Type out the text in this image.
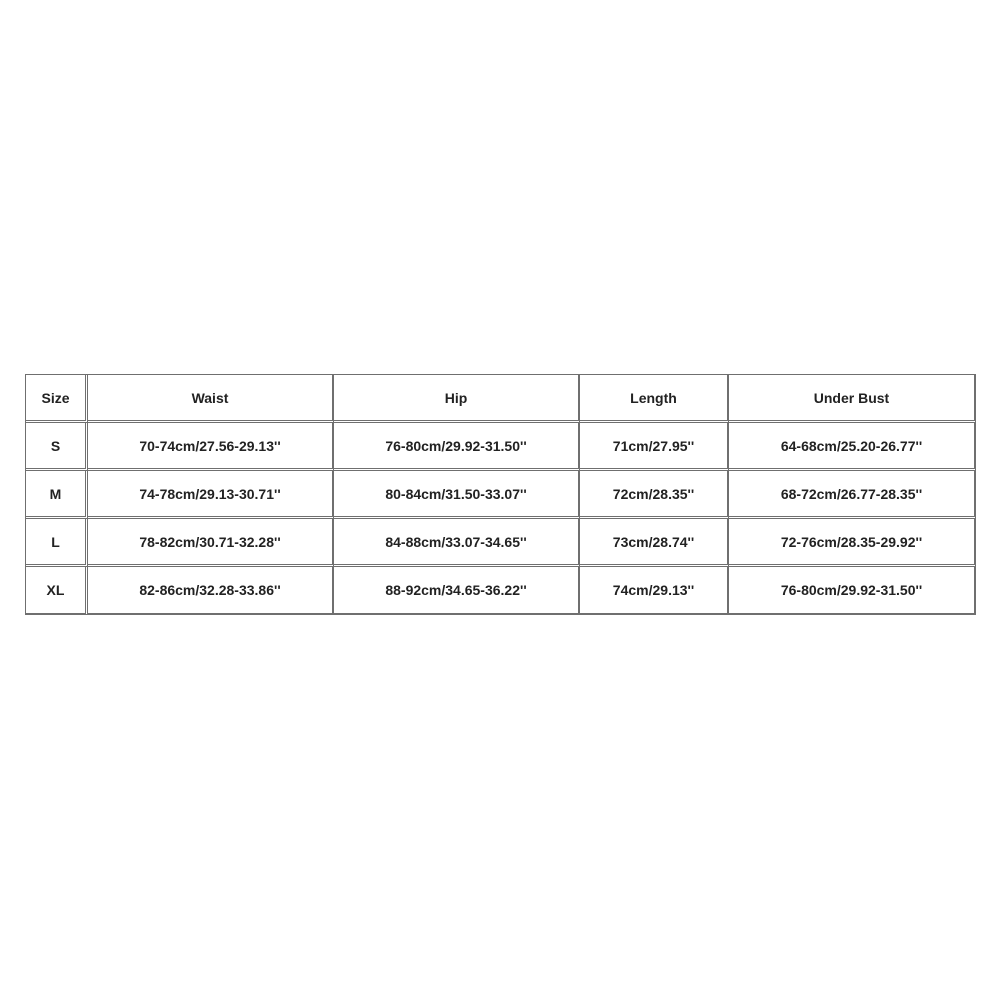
Size	Waist	Hip	Length	Under Bust
S	70-74cm/27.56-29.13''	76-80cm/29.92-31.50''	71cm/27.95''	64-68cm/25.20-26.77''
M	74-78cm/29.13-30.71''	80-84cm/31.50-33.07''	72cm/28.35''	68-72cm/26.77-28.35''
L	78-82cm/30.71-32.28''	84-88cm/33.07-34.65''	73cm/28.74''	72-76cm/28.35-29.92''
XL	82-86cm/32.28-33.86''	88-92cm/34.65-36.22''	74cm/29.13''	76-80cm/29.92-31.50''
